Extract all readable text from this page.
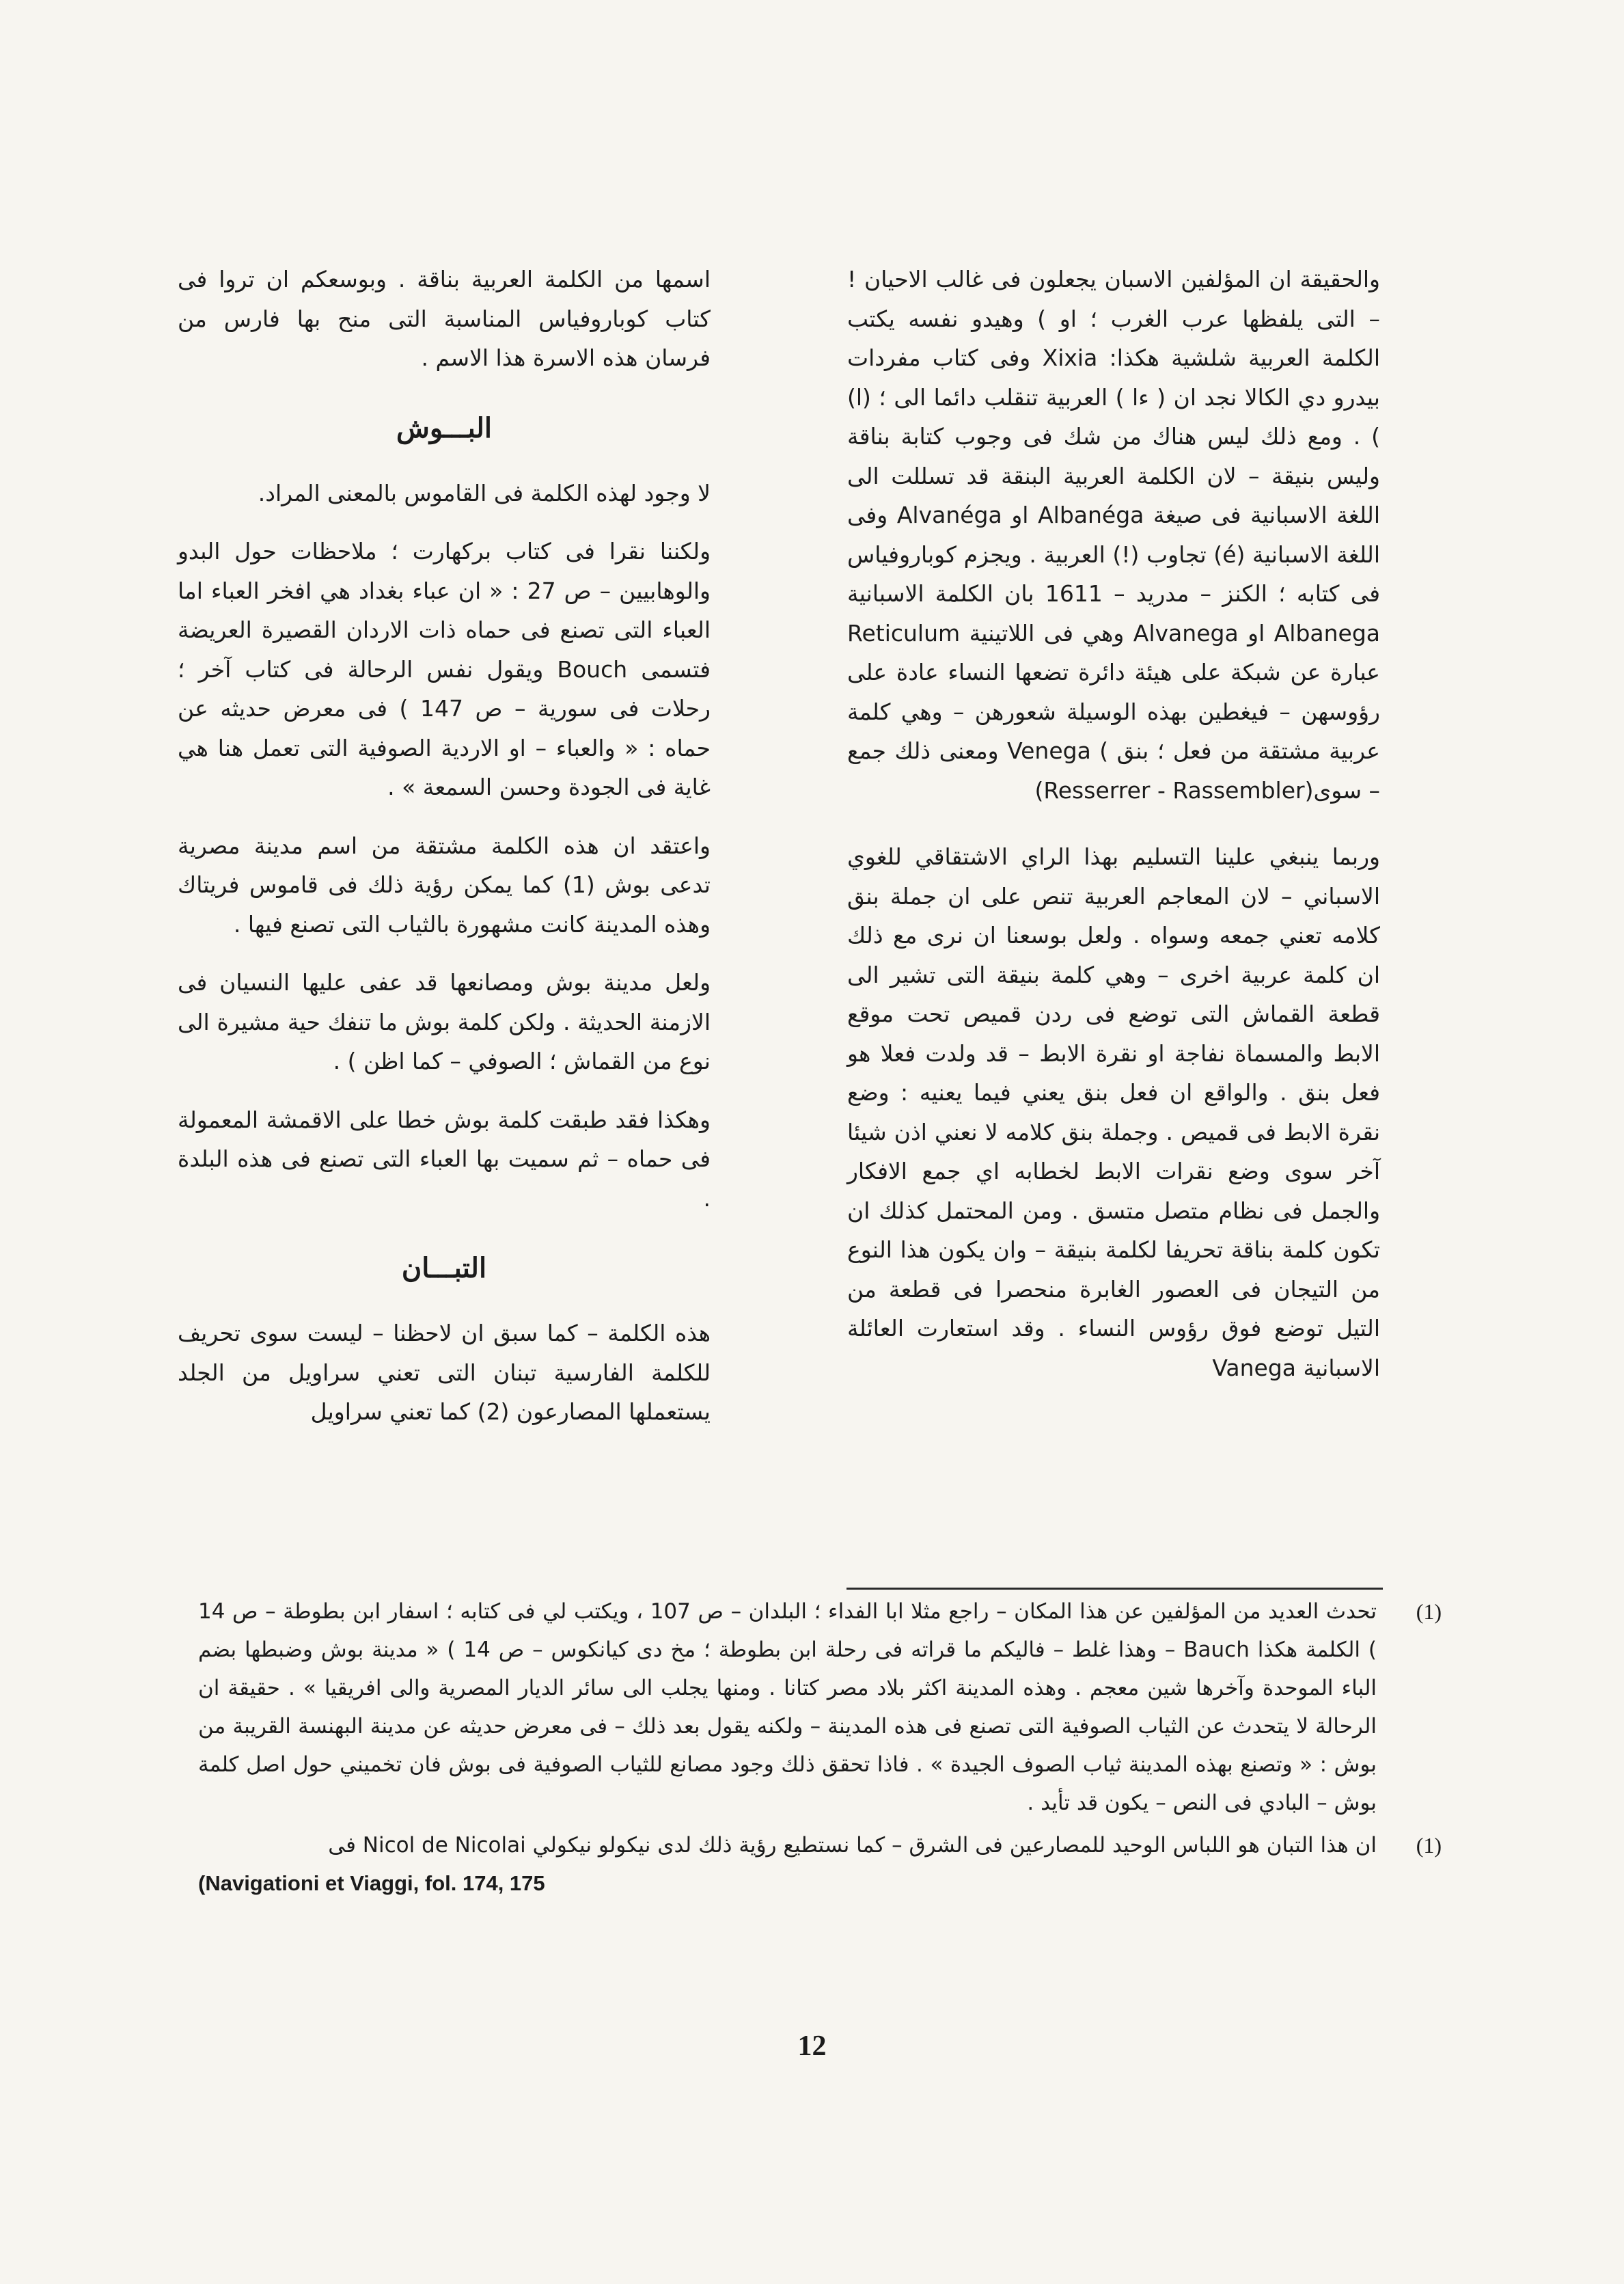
والحقيقة ان المؤلفين الاسبان يجعلون فى غالب الاحيان ! – التى يلفظها عرب الغرب ؛ او ) وهيدو نفسه يكتب الكلمة العربية شلشية هكذا: Xixia وفى كتاب مفردات بيدرو دي الكالا نجد ان ( ءا ) العربية تنقلب دائما الى ؛ (ا) ) . ومع ذلك ليس هناك من شك فى وجوب كتابة بناقة وليس بنيقة – لان الكلمة العربية البنقة قد تسللت الى اللغة الاسبانية فى صيغة Albanéga او Alvanéga وفى اللغة الاسبانية (é) تجاوب (!) العربية . ويجزم كوباروفياس فى كتابه ؛ الكنز – مدريد – 1611 بان الكلمة الاسبانية Albanega او Alvanega وهي فى اللاتينية Reticulum عبارة عن شبكة على هيئة دائرة تضعها النساء عادة على رؤوسهن – فيغطين بهذه الوسيلة شعورهن – وهي كلمة عربية مشتقة من فعل ؛ بنق ) Venega ومعنى ذلك جمع – سوى(Resserrer - Rassembler)

وربما ينبغي علينا التسليم بهذا الراي الاشتقاقي للغوي الاسباني – لان المعاجم العربية تنص على ان جملة بنق كلامه تعني جمعه وسواه . ولعل بوسعنا ان نرى مع ذلك ان كلمة عربية اخرى – وهي كلمة بنيقة التى تشير الى قطعة القماش التى توضع فى ردن قميص تحت موقع الابط والمسماة نفاجة او نقرة الابط – قد ولدت فعلا هو فعل بنق . والواقع ان فعل بنق يعني فيما يعنيه : وضع نقرة الابط فى قميص . وجملة بنق كلامه لا نعني اذن شيئا آخر سوى وضع نقرات الابط لخطابه اي جمع الافكار والجمل فى نظام متصل متسق . ومن المحتمل كذلك ان تكون كلمة بناقة تحريفا لكلمة بنيقة – وان يكون هذا النوع من التيجان فى العصور الغابرة منحصرا فى قطعة من التيل توضع فوق رؤوس النساء . وقد استعارت العائلة الاسبانية Vanega

اسمها من الكلمة العربية بناقة . وبوسعكم ان تروا فى كتاب كوباروفياس المناسبة التى منح بها فارس من فرسان هذه الاسرة هذا الاسم .

البـــوش

لا وجود لهذه الكلمة فى القاموس بالمعنى المراد.

ولكننا نقرا فى كتاب بركهارت ؛ ملاحظات حول البدو والوهابيين – ص 27 : « ان عباء بغداد هي افخر العباء اما العباء التى تصنع فى حماه ذات الاردان القصيرة العريضة فتسمى Bouch ويقول نفس الرحالة فى كتاب آخر ؛ رحلات فى سورية – ص 147 ) فى معرض حديثه عن حماه : « والعباء – او الاردية الصوفية التى تعمل هنا هي غاية فى الجودة وحسن السمعة » .

واعتقد ان هذه الكلمة مشتقة من اسم مدينة مصرية تدعى بوش (1) كما يمكن رؤية ذلك فى قاموس فريتاك وهذه المدينة كانت مشهورة بالثياب التى تصنع فيها .

ولعل مدينة بوش ومصانعها قد عفى عليها النسيان فى الازمنة الحديثة . ولكن كلمة بوش ما تنفك حية مشيرة الى نوع من القماش ؛ الصوفي – كما اظن ) .

وهكذا فقد طبقت كلمة بوش خطا على الاقمشة المعمولة فى حماه – ثم سميت بها العباء التى تصنع فى هذه البلدة .

التبـــان

هذه الكلمة – كما سبق ان لاحظنا – ليست سوى تحريف للكلمة الفارسية تبنان التى تعني سراويل من الجلد يستعملها المصارعون (2) كما تعني سراويل

(1)
تحدث العديد من المؤلفين عن هذا المكان – راجع مثلا ابا الفداء ؛ البلدان – ص 107 ، ويكتب لي فى كتابه ؛ اسفار ابن بطوطة – ص 14 ) الكلمة هكذا Bauch – وهذا غلط – فاليكم ما قراته فى رحلة ابن بطوطة ؛ مخ دى كيانكوس – ص 14 ) « مدينة بوش وضبطها بضم الباء الموحدة وآخرها شين معجم . وهذه المدينة اكثر بلاد مصر كتانا . ومنها يجلب الى سائر الديار المصرية والى افريقيا » . حقيقة ان الرحالة لا يتحدث عن الثياب الصوفية التى تصنع فى هذه المدينة – ولكنه يقول بعد ذلك – فى معرض حديثه عن مدينة البهنسة القريبة من بوش : « وتصنع بهذه المدينة ثياب الصوف الجيدة » . فاذا تحقق ذلك وجود مصانع للثياب الصوفية فى بوش فان تخميني حول اصل كلمة بوش – البادي فى النص – يكون قد تأيد .
(1)
ان هذا التبان هو اللباس الوحيد للمصارعين فى الشرق – كما نستطيع رؤية ذلك لدى نيكولو نيكولي Nicol de Nicolai فى
(Navigationi et Viaggi, fol. 174, 175
12
